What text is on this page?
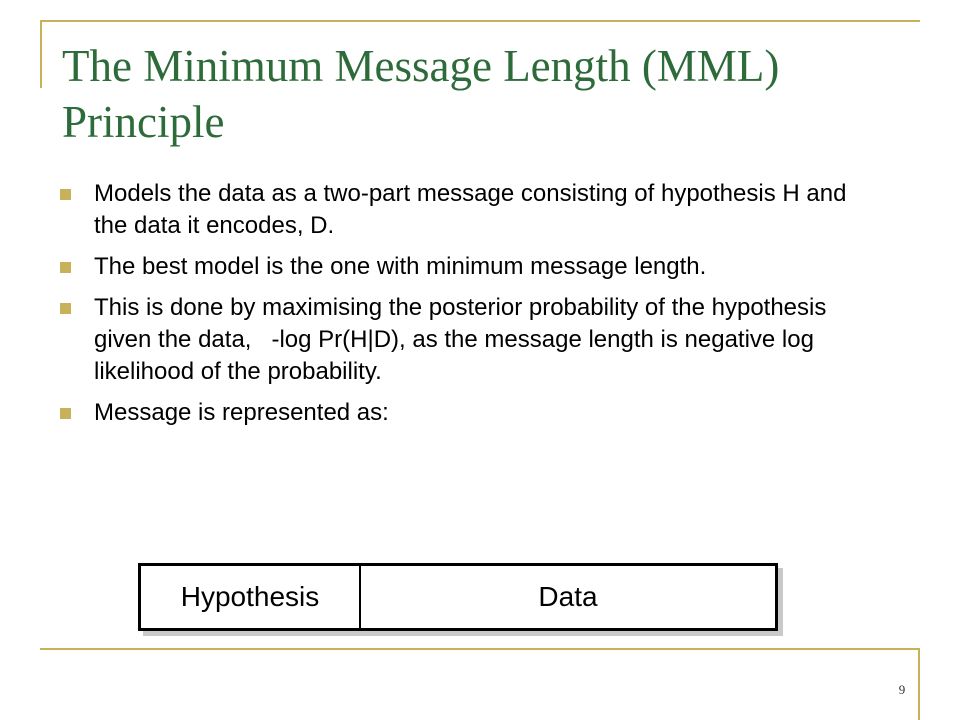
The Minimum Message Length (MML) Principle
Models the data as a two-part message consisting of hypothesis H and the data it encodes, D.
The best model is the one with minimum message length.
This is done by maximising the posterior probability of the hypothesis given the data,   -log Pr(H|D), as the message length is negative log likelihood of the probability.
Message is represented as:
Hypothesis	Data
9
